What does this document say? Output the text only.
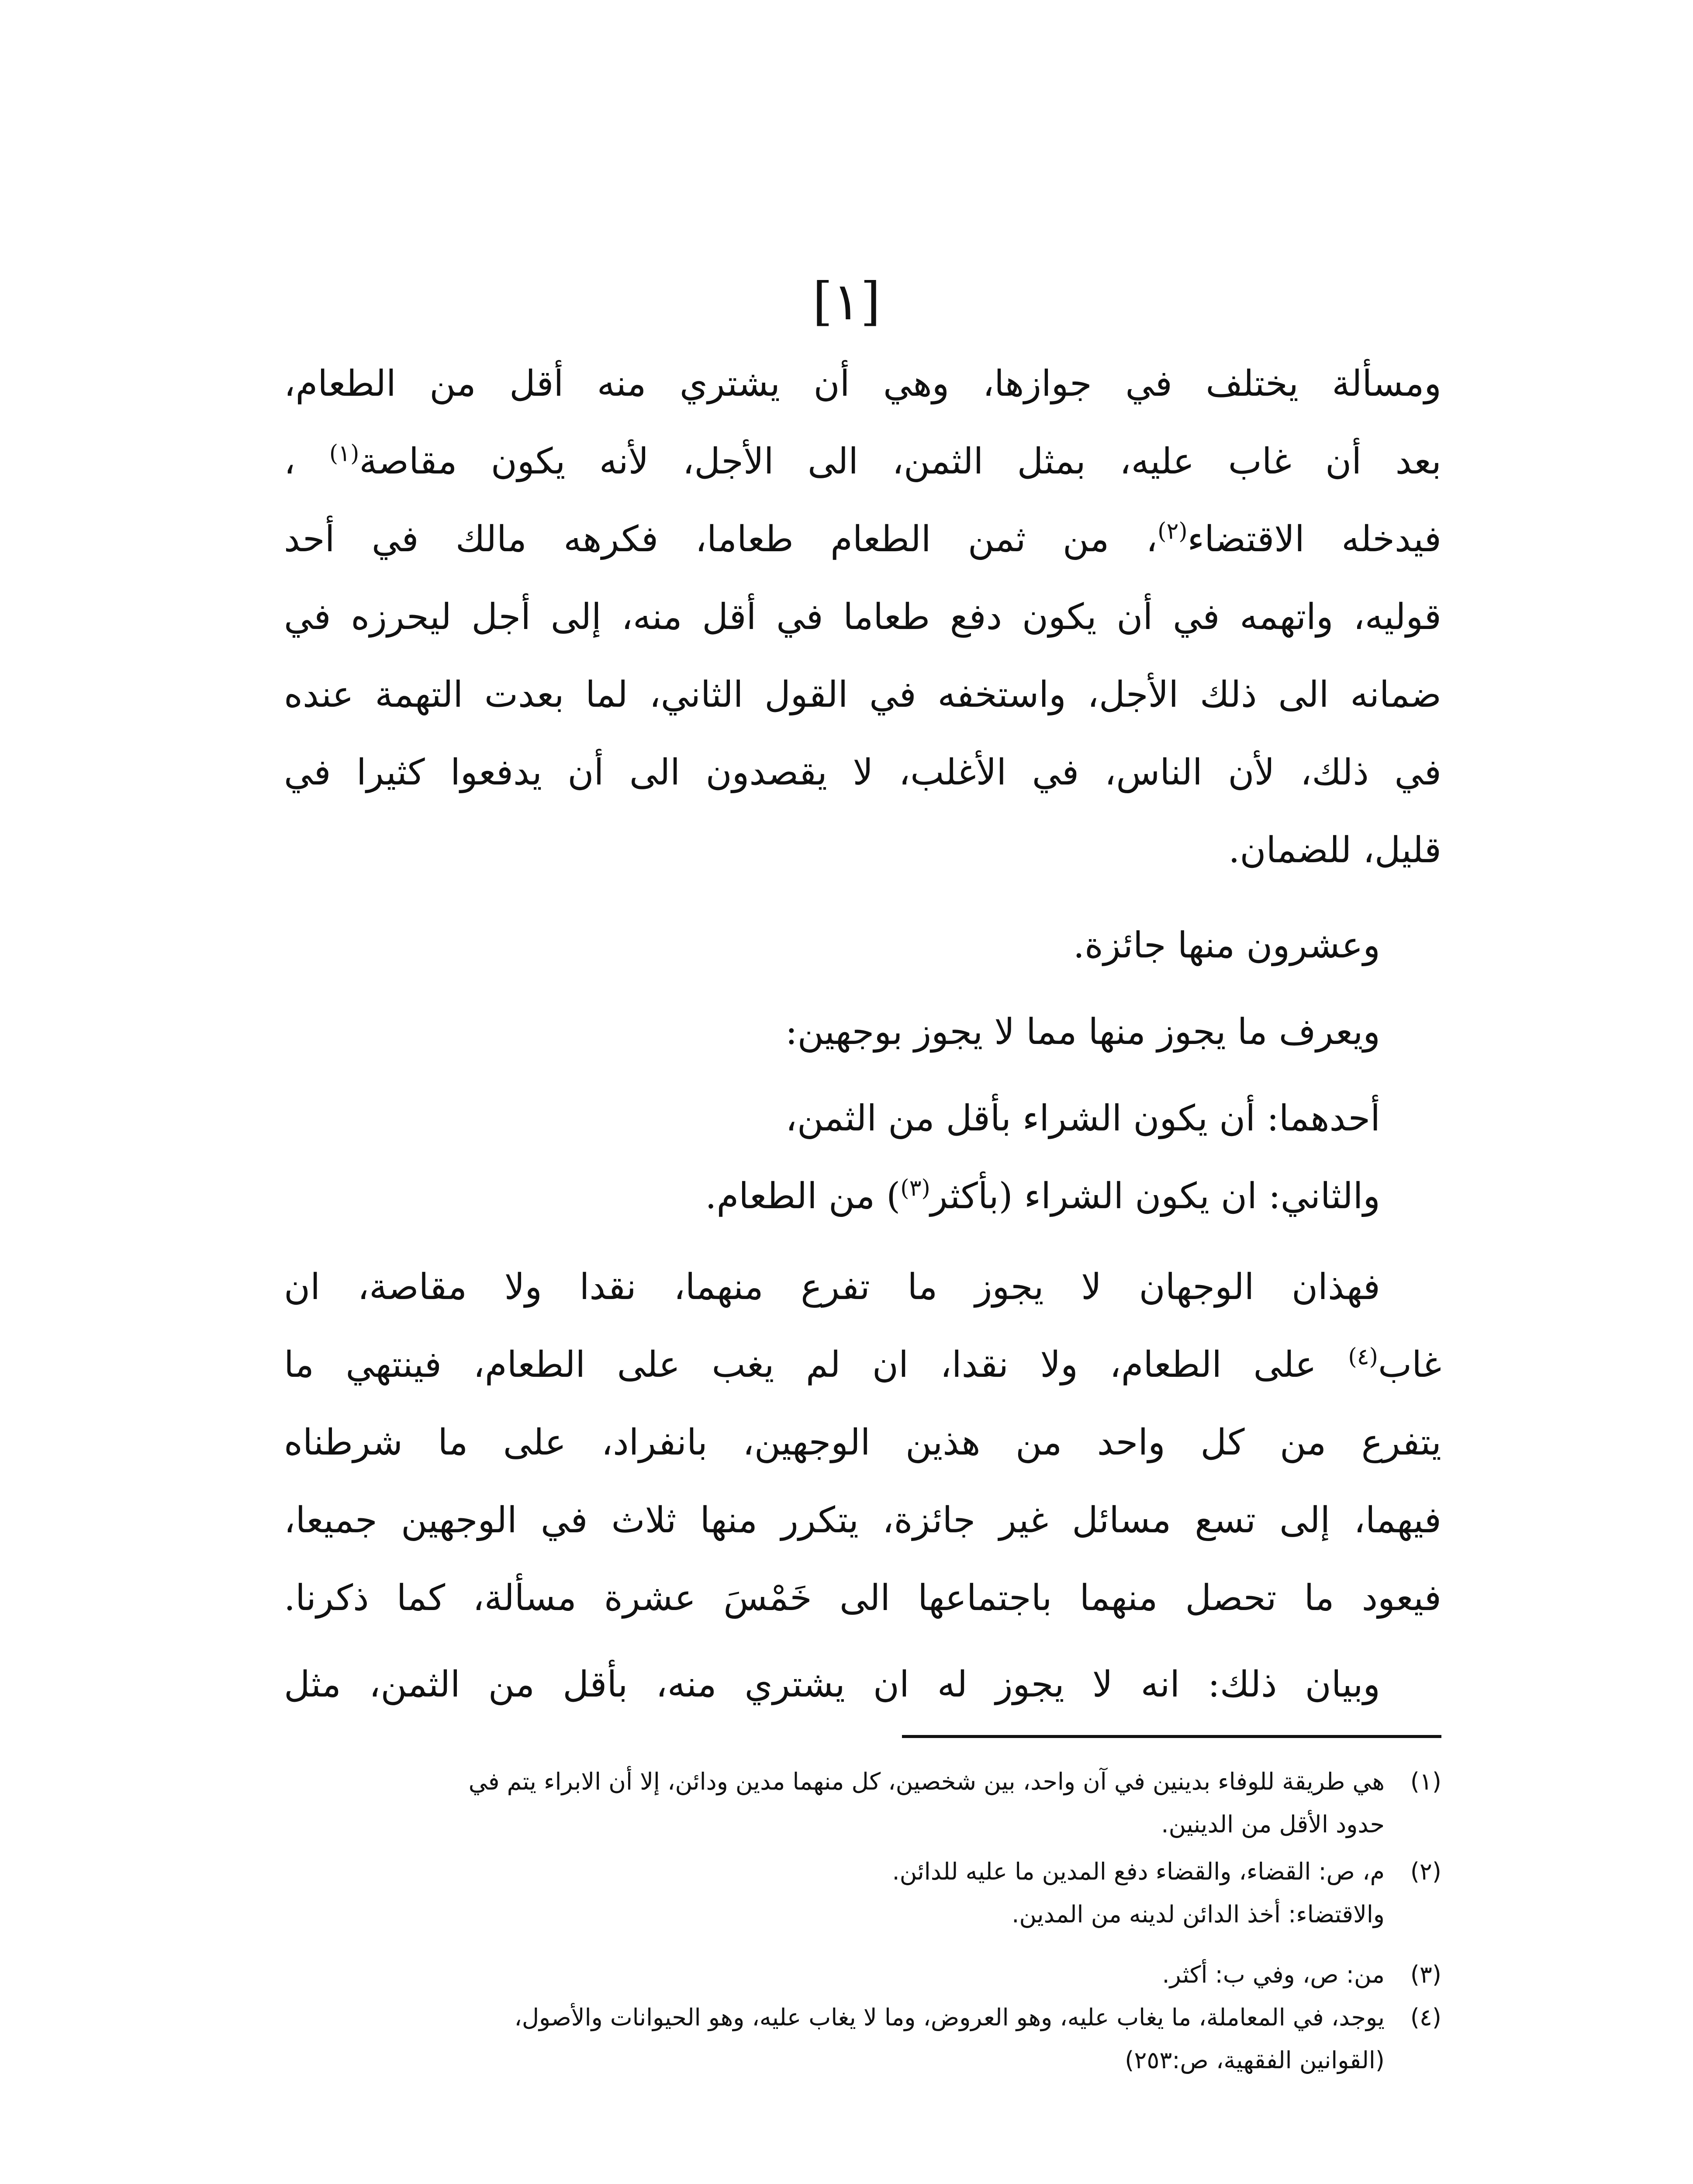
[١]
ومسألة يختلف في جوازها، وهي أن يشتري منه أقل من الطعام،
بعد أن غاب عليه، بمثل الثمن، الى الأجل، لأنه يكون مقاصة$^{(١)}$ ،
فيدخله الاقتضاء$^{(٢)}$، من ثمن الطعام طعاما، فكرهه مالك في أحد
قوليه، واتهمه في أن يكون دفع طعاما في أقل منه، إلى أجل ليحرزه في
ضمانه الى ذلك الأجل، واستخفه في القول الثاني، لما بعدت التهمة عنده
في ذلك، لأن الناس، في الأغلب، لا يقصدون الى أن يدفعوا كثيرا في
قليل، للضمان.
وعشرون منها جائزة.
ويعرف ما يجوز منها مما لا يجوز بوجهين:
أحدهما: أن يكون الشراء بأقل من الثمن،
والثاني: ان يكون الشراء (بأكثر$^{(٣)}$) من الطعام.
فهذان الوجهان لا يجوز ما تفرع منهما، نقدا ولا مقاصة، ان
غاب$^{(٤)}$ على الطعام، ولا نقدا، ان لم يغب على الطعام، فينتهي ما
يتفرع من كل واحد من هذين الوجهين، بانفراد، على ما شرطناه
فيهما، إلى تسع مسائل غير جائزة، يتكرر منها ثلاث في الوجهين جميعا،
فيعود ما تحصل منهما باجتماعها الى خَمْسَ عشرة مسألة، كما ذكرنا.
وبيان ذلك: انه لا يجوز له ان يشتري منه، بأقل من الثمن، مثل
(١)هي طريقة للوفاء بدينين في آن واحد، بين شخصين، كل منهما مدين ودائن، إلا أن الابراء يتم في
حدود الأقل من الدينين.
(٢)م، ص: القضاء، والقضاء دفع المدين ما عليه للدائن.
والاقتضاء: أخذ الدائن لدينه من المدين.
(٣)من: ص، وفي ب: أكثر.
(٤)يوجد، في المعاملة، ما يغاب عليه، وهو العروض، وما لا يغاب عليه، وهو الحيوانات والأصول،
(القوانين الفقهية، ص:٢٥٣)
